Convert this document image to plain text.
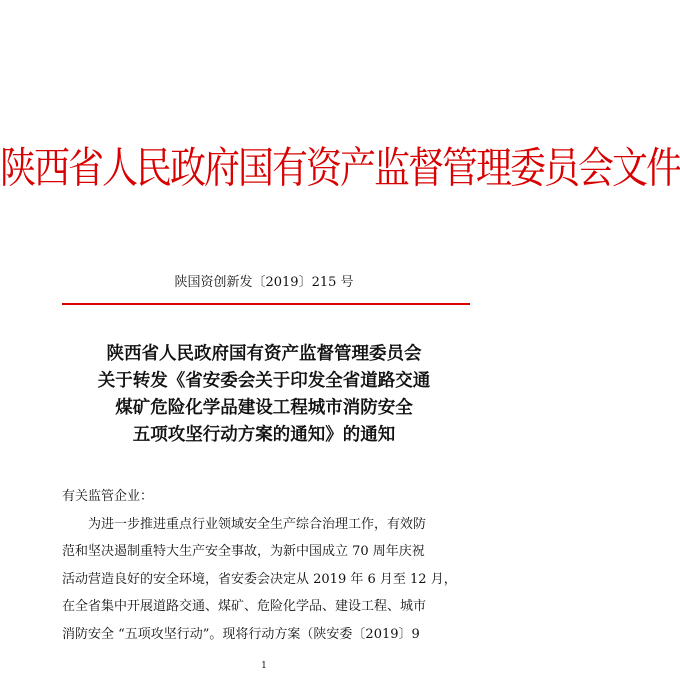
陕西省人民政府国有资产监督管理委员会文件
陕国资创新发〔2019〕215 号
陕西省人民政府国有资产监督管理委员会
关于转发《省安委会关于印发全省道路交通
煤矿危险化学品建设工程城市消防安全
五项攻坚行动方案的通知》的通知
有关监管企业：
为进一步推进重点行业领域安全生产综合治理工作，有效防
范和坚决遏制重特大生产安全事故，为新中国成立 70 周年庆祝
活动营造良好的安全环境，省安委会决定从 2019 年 6 月至 12 月，
在全省集中开展道路交通、煤矿、危险化学品、建设工程、城市
消防安全 “五项攻坚行动”。现将行动方案（陕安委〔2019〕9
1
